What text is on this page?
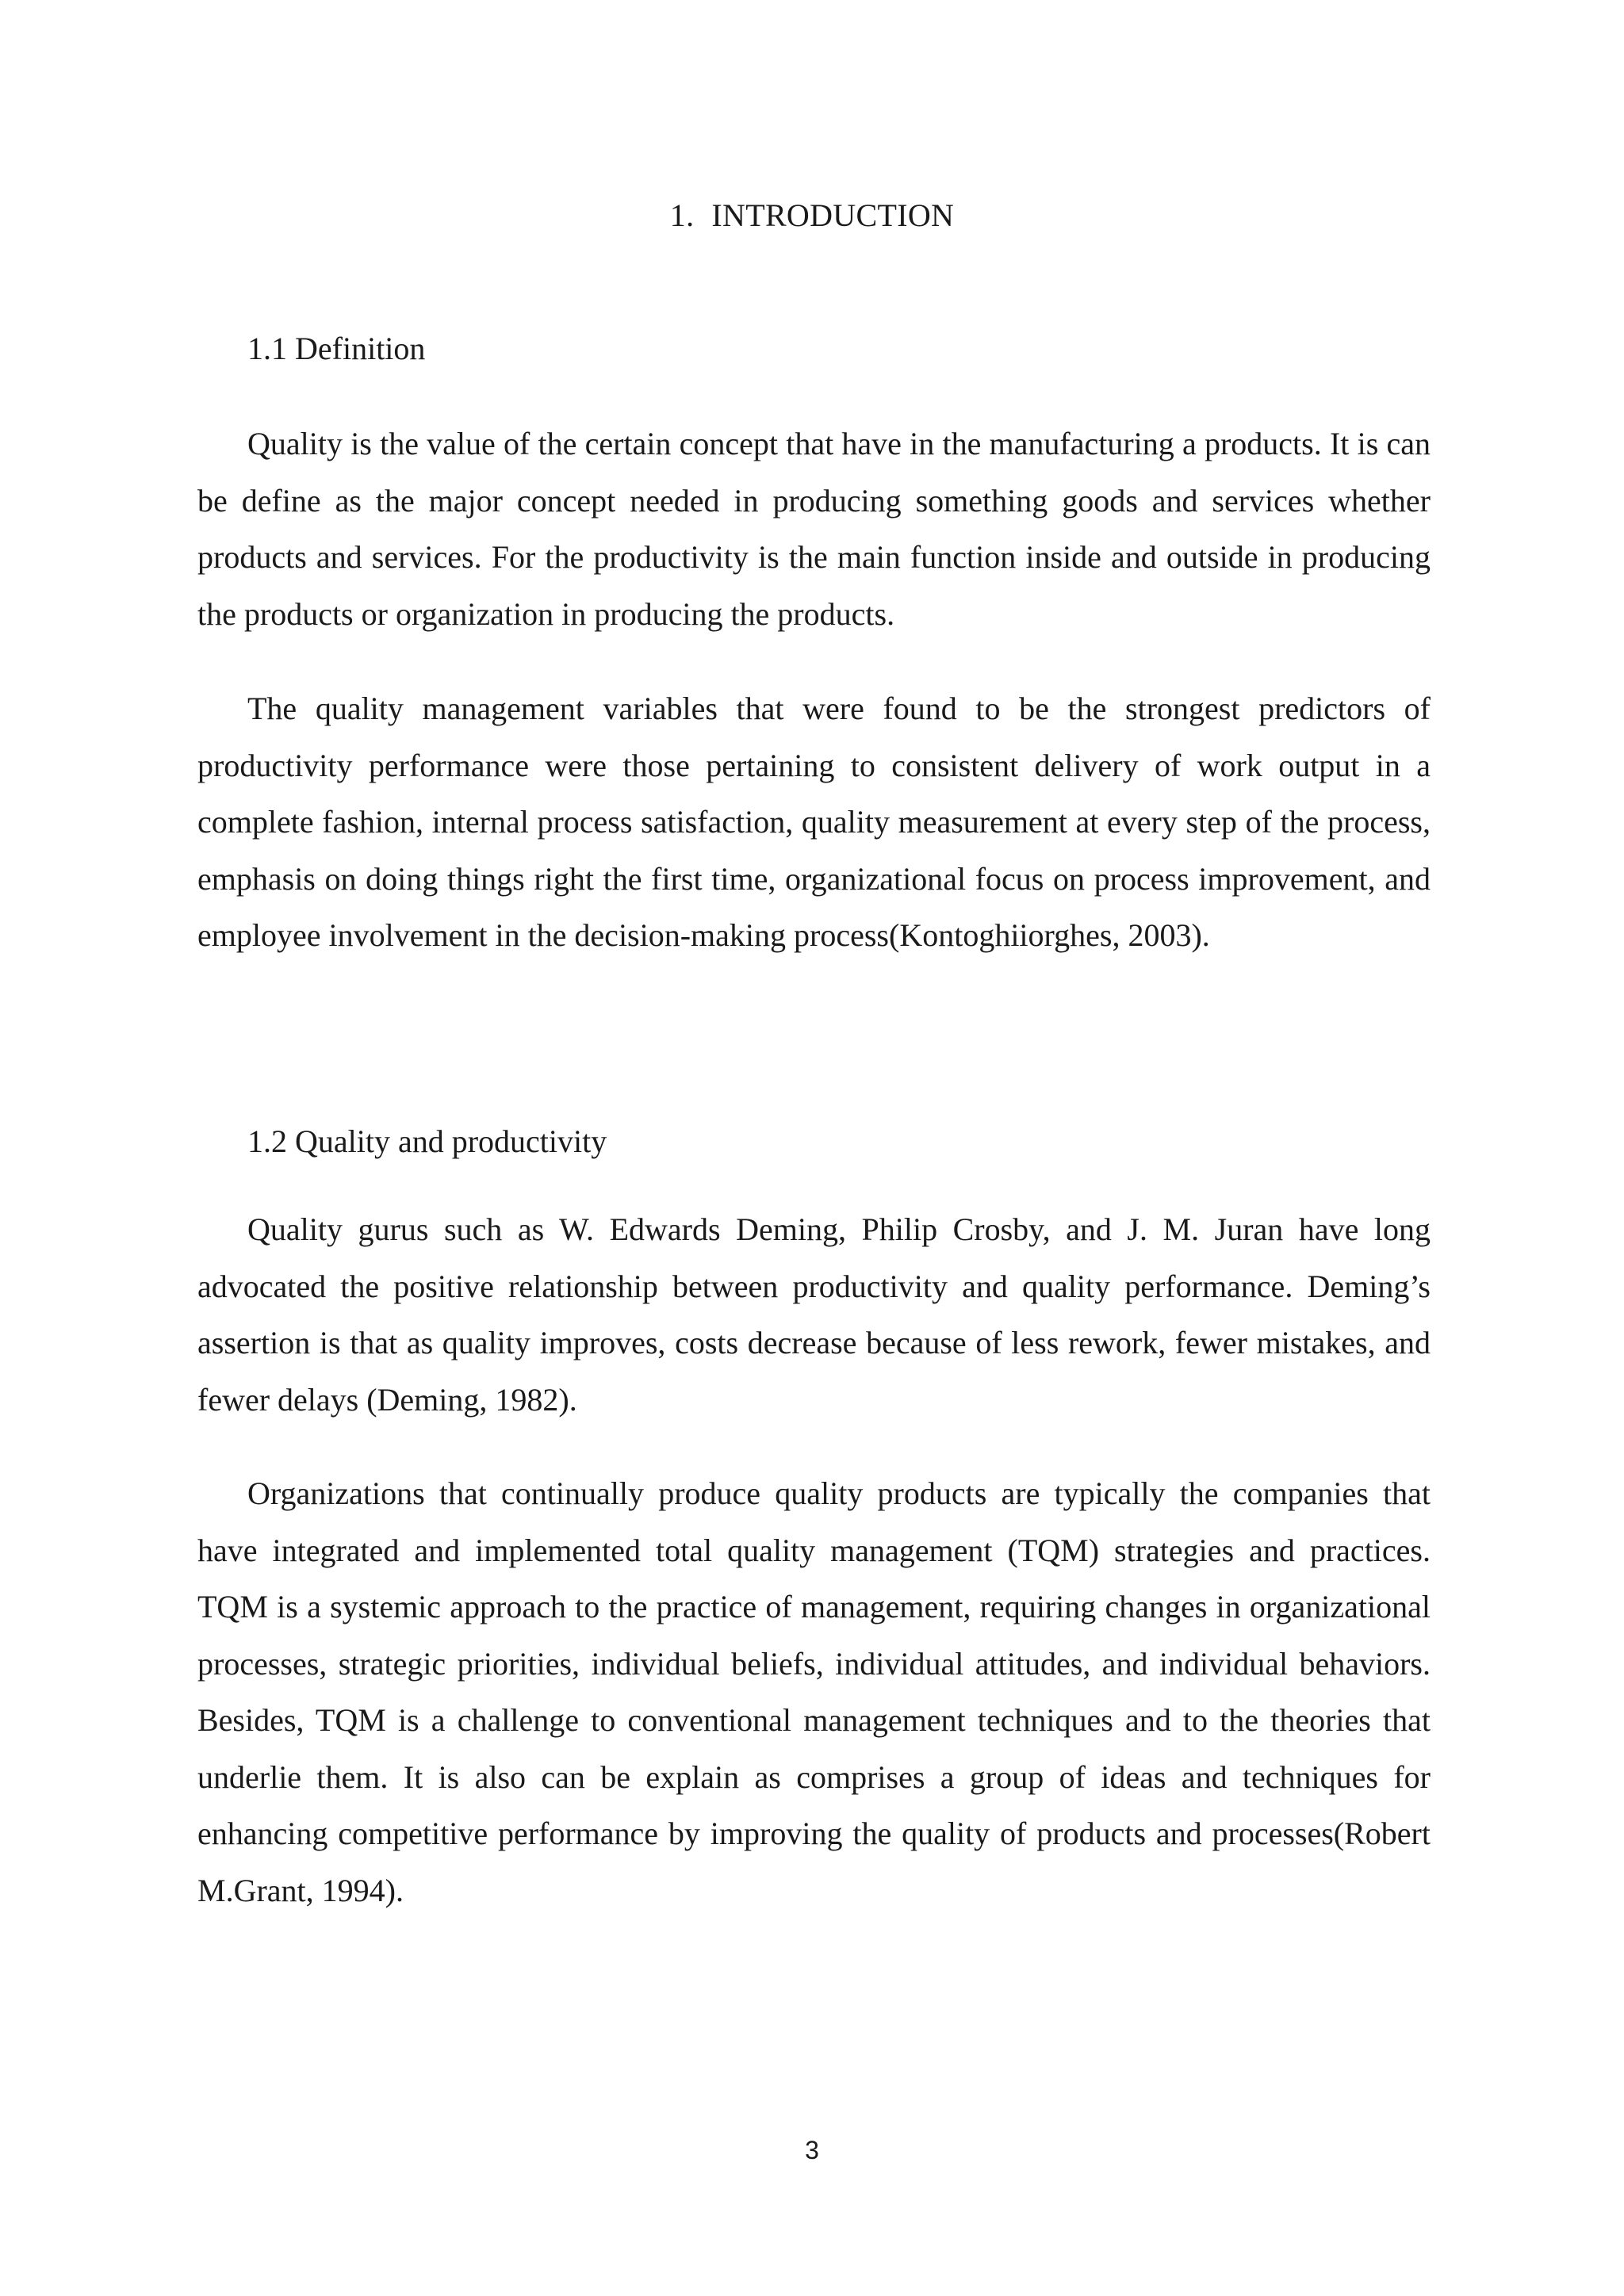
1. INTRODUCTION
1.1 Definition

Quality is the value of the certain concept that have in the manufacturing a products. It is can be define as the major concept needed in producing something goods and services whether products and services. For the productivity is the main function inside and outside in producing the products or organization in producing the products.

The quality management variables that were found to be the strongest predictors of productivity performance were those pertaining to consistent delivery of work output in a complete fashion, internal process satisfaction, quality measurement at every step of the process, emphasis on doing things right the first time, organizational focus on process improvement, and employee involvement in the decision-making process(Kontoghiiorghes, 2003).

1.2 Quality and productivity

Quality gurus such as W. Edwards Deming, Philip Crosby, and J. M. Juran have long advocated the positive relationship between productivity and quality performance. Deming’s assertion is that as quality improves, costs decrease because of less rework, fewer mistakes, and fewer delays (Deming, 1982).

Organizations that continually produce quality products are typically the companies that have integrated and implemented total quality management (TQM) strategies and practices. TQM is a systemic approach to the practice of management, requiring changes in organizational processes, strategic priorities, individual beliefs, individual attitudes, and individual behaviors. Besides, TQM is a challenge to conventional management techniques and to the theories that underlie them. It is also can be explain as comprises a group of ideas and techniques for enhancing competitive performance by improving the quality of products and processes(Robert M.Grant, 1994).

3
